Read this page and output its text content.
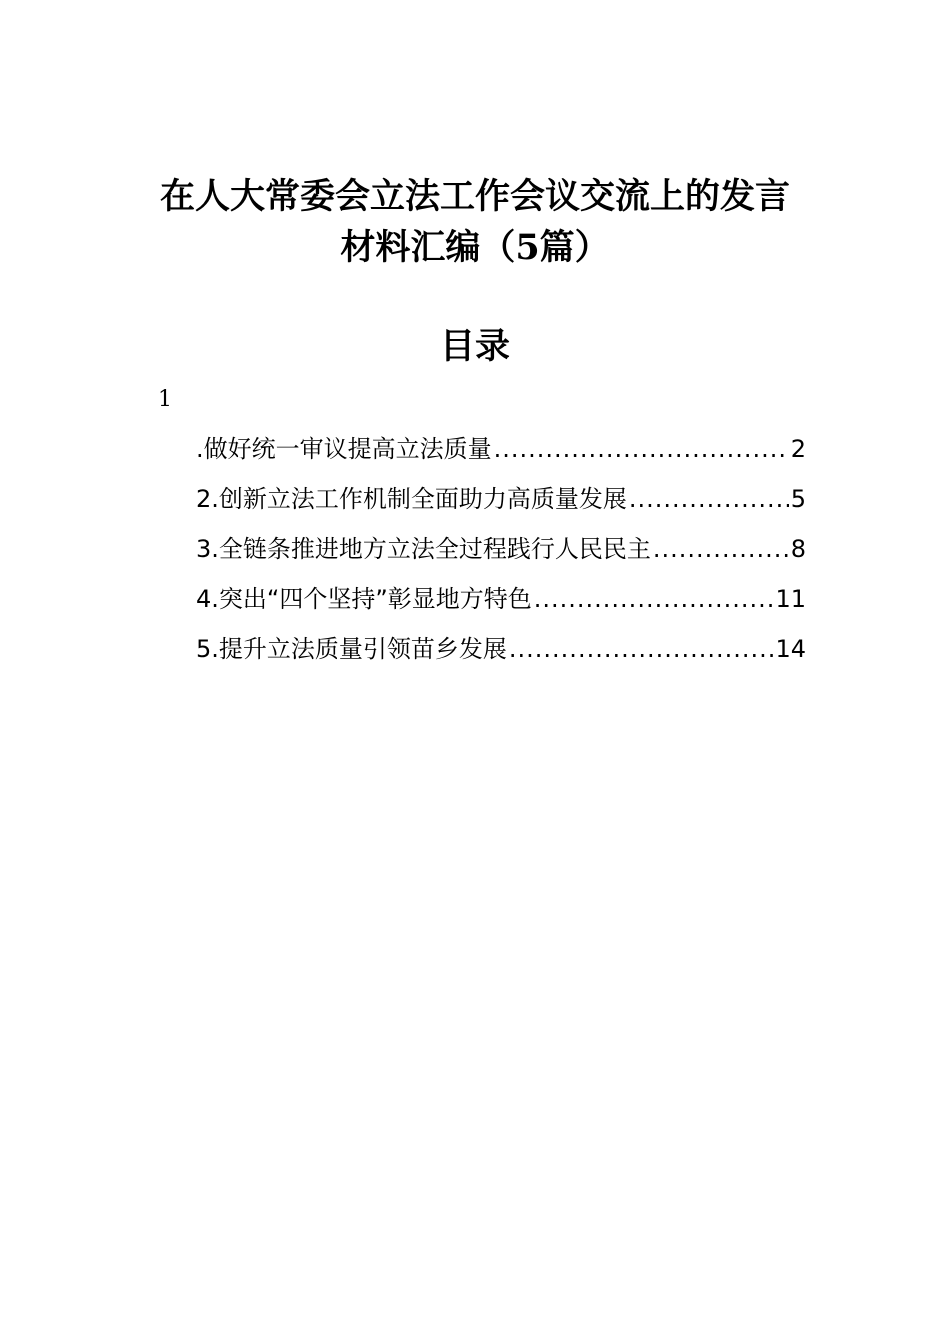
在人大常委会立法工作会议交流上的发言
材料汇编（5篇）
目录
1
.做好统一审议提高立法质量 .....	2
2.创新立法工作机制全面助力高质量发展 .....	5
3.全链条推进地方立法全过程践行人民民主 .....	8
4.突出“四个坚持”彰显地方特色 .....	11
5.提升立法质量引领苗乡发展 .....	14
